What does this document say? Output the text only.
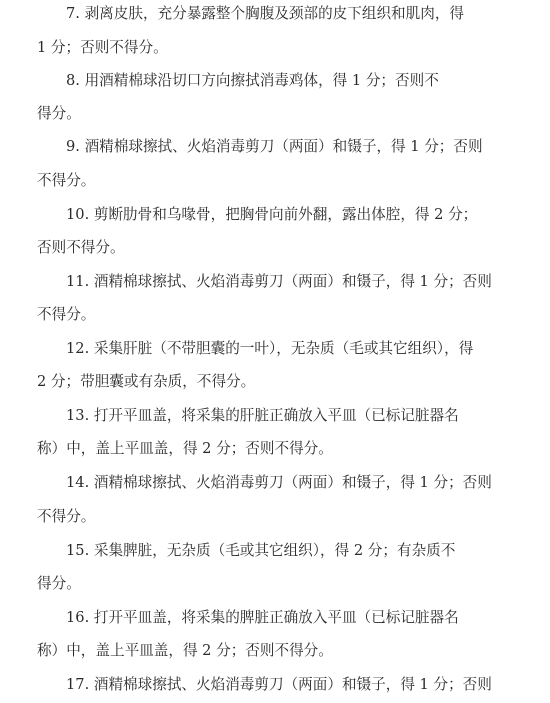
7. 剥离皮肤，充分暴露整个胸腹及颈部的皮下组织和肌肉，得
1 分；否则不得分。
8. 用酒精棉球沿切口方向擦拭消毒鸡体，得 1 分；否则不
得分。
9. 酒精棉球擦拭、火焰消毒剪刀（两面）和镊子，得 1 分；否则
不得分。
10. 剪断肋骨和乌喙骨，把胸骨向前外翻，露出体腔，得 2 分；
否则不得分。
11. 酒精棉球擦拭、火焰消毒剪刀（两面）和镊子，得 1 分；否则
不得分。
12. 采集肝脏（不带胆囊的一叶），无杂质（毛或其它组织），得
2 分；带胆囊或有杂质，不得分。
13. 打开平皿盖，将采集的肝脏正确放入平皿（已标记脏器名
称）中，盖上平皿盖，得 2 分；否则不得分。
14. 酒精棉球擦拭、火焰消毒剪刀（两面）和镊子，得 1 分；否则
不得分。
15. 采集脾脏，无杂质（毛或其它组织），得 2 分；有杂质不
得分。
16. 打开平皿盖，将采集的脾脏正确放入平皿（已标记脏器名
称）中，盖上平皿盖，得 2 分；否则不得分。
17. 酒精棉球擦拭、火焰消毒剪刀（两面）和镊子，得 1 分；否则
